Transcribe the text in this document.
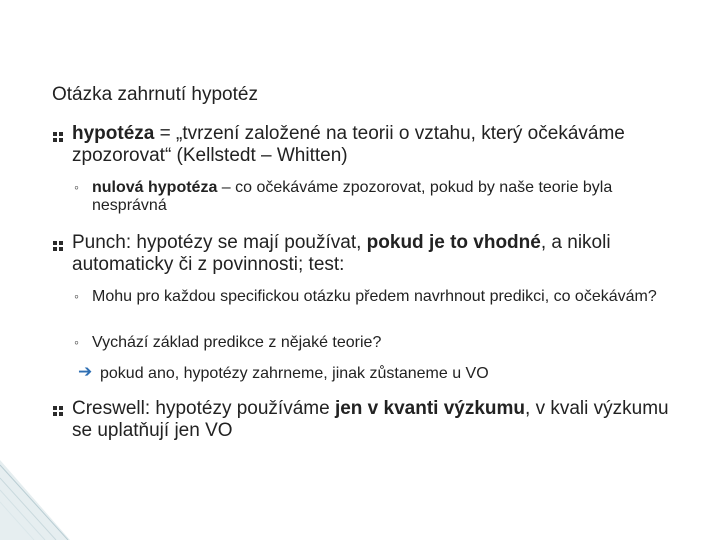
Otázka zahrnutí hypotéz
hypotéza = „tvrzení založené na teorii o vztahu, který očekáváme zpozorovat“ (Kellstedt – Whitten)
◦ nulová hypotéza – co očekáváme zpozorovat, pokud by naše teorie byla nesprávná
Punch: hypotézy se mají používat, pokud je to vhodné, a nikoli automaticky či z povinnosti; test:
◦ Mohu pro každou specifickou otázku předem navrhnout predikci, co očekávám?
◦ Vychází základ predikce z nějaké teorie?
➔ pokud ano, hypotézy zahrneme, jinak zůstaneme u VO
Creswell: hypotézy používáme jen v kvanti výzkumu, v kvali výzkumu se uplatňují jen VO
